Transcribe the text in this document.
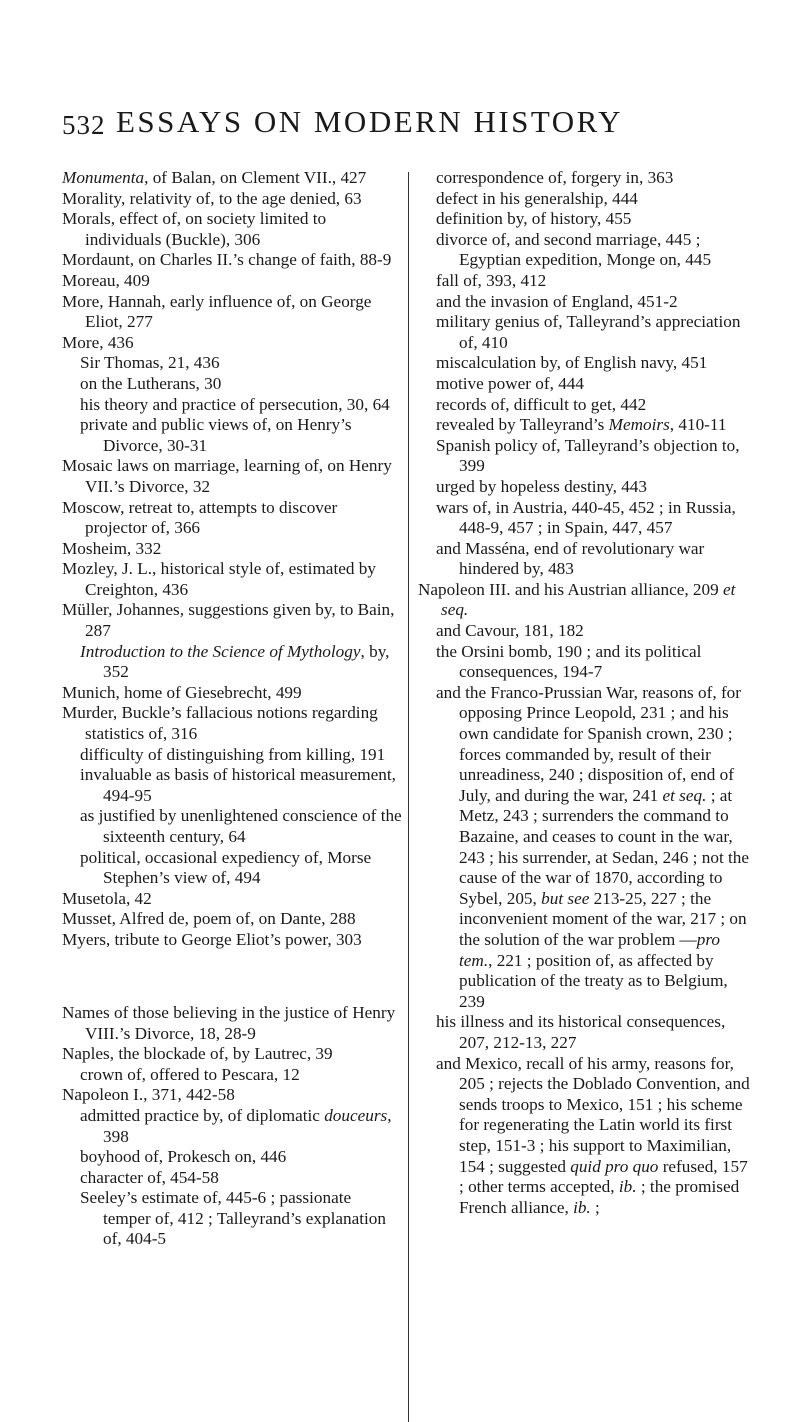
532 ESSAYS ON MODERN HISTORY

Monumenta, of Balan, on Clement VII., 427

Morality, relativity of, to the age denied, 63

Morals, effect of, on society limited to individuals (Buckle), 306

Mordaunt, on Charles II.’s change of faith, 88-9

Moreau, 409

More, Hannah, early influence of, on George Eliot, 277

More, 436

Sir Thomas, 21, 436

on the Lutherans, 30

his theory and practice of persecution, 30, 64

private and public views of, on Henry’s Divorce, 30-31

Mosaic laws on marriage, learning of, on Henry VII.’s Divorce, 32

Moscow, retreat to, attempts to discover projector of, 366

Mosheim, 332

Mozley, J. L., historical style of, estimated by Creighton, 436

Müller, Johannes, suggestions given by, to Bain, 287

Introduction to the Science of Mythology, by, 352

Munich, home of Giesebrecht, 499

Murder, Buckle’s fallacious notions regarding statistics of, 316

difficulty of distinguishing from killing, 191

invaluable as basis of historical measurement, 494-95

as justified by unenlightened conscience of the sixteenth century, 64

political, occasional expediency of, Morse Stephen’s view of, 494

Musetola, 42

Musset, Alfred de, poem of, on Dante, 288

Myers, tribute to George Eliot’s power, 303

Names of those believing in the justice of Henry VIII.’s Divorce, 18, 28-9

Naples, the blockade of, by Lautrec, 39

crown of, offered to Pescara, 12

Napoleon I., 371, 442-58

admitted practice by, of diplomatic douceurs, 398

boyhood of, Prokesch on, 446

character of, 454-58

Seeley’s estimate of, 445-6 ; passionate temper of, 412 ; Talleyrand’s explanation of, 404-5

correspondence of, forgery in, 363

defect in his generalship, 444

definition by, of history, 455

divorce of, and second marriage, 445 ; Egyptian expedition, Monge on, 445

fall of, 393, 412

and the invasion of England, 451-2

military genius of, Talleyrand’s appreciation of, 410

miscalculation by, of English navy, 451

motive power of, 444

records of, difficult to get, 442

revealed by Talleyrand’s Memoirs, 410-11

Spanish policy of, Talleyrand’s objection to, 399

urged by hopeless destiny, 443

wars of, in Austria, 440-45, 452 ; in Russia, 448-9, 457 ; in Spain, 447, 457

and Masséna, end of revolutionary war hindered by, 483

Napoleon III. and his Austrian alliance, 209 et seq.

and Cavour, 181, 182

the Orsini bomb, 190 ; and its political consequences, 194-7

and the Franco-Prussian War, reasons of, for opposing Prince Leopold, 231 ; and his own candidate for Spanish crown, 230 ; forces commanded by, result of their unreadiness, 240 ; disposition of, end of July, and during the war, 241 et seq. ; at Metz, 243 ; surrenders the command to Bazaine, and ceases to count in the war, 243 ; his surrender, at Sedan, 246 ; not the cause of the war of 1870, according to Sybel, 205, but see 213-25, 227 ; the inconvenient moment of the war, 217 ; on the solution of the war problem —pro tem., 221 ; position of, as affected by publication of the treaty as to Belgium, 239

his illness and its historical consequences, 207, 212-13, 227

and Mexico, recall of his army, reasons for, 205 ; rejects the Doblado Convention, and sends troops to Mexico, 151 ; his scheme for regenerating the Latin world its first step, 151-3 ; his support to Maximilian, 154 ; suggested quid pro quo refused, 157 ; other terms accepted, ib. ; the promised French alliance, ib. ;
